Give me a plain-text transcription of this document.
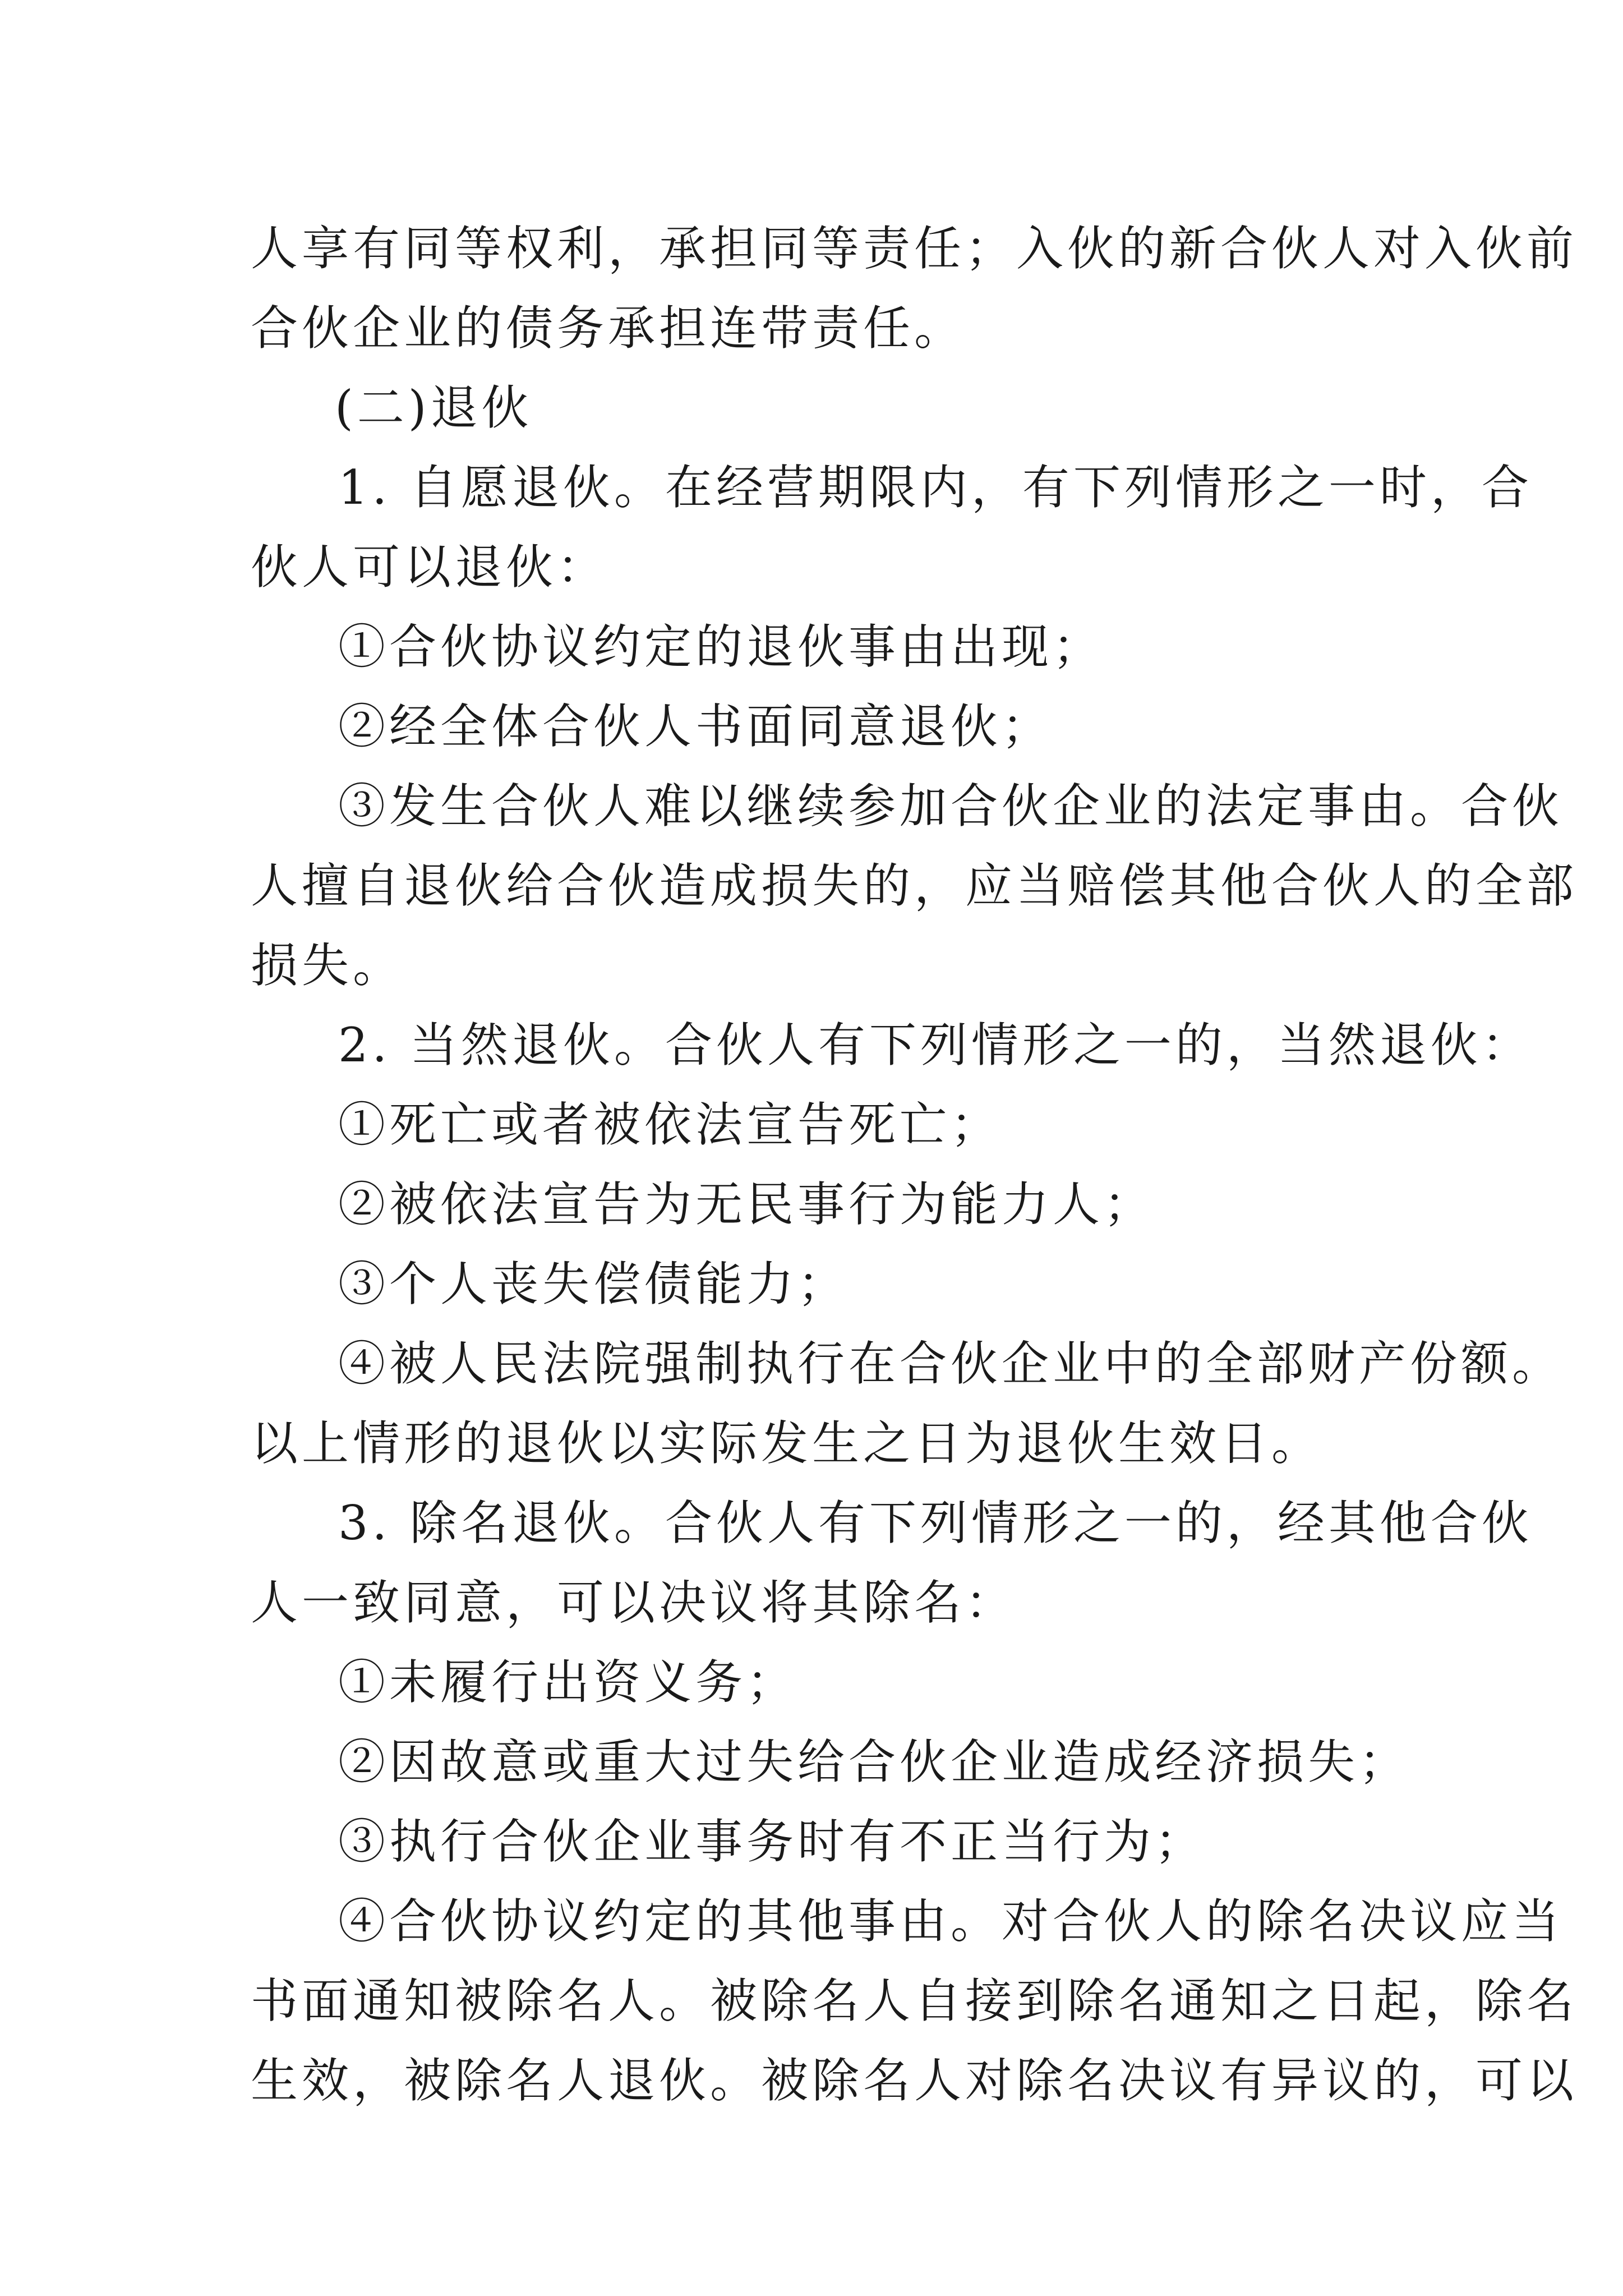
人享有同等权利，承担同等责任；入伙的新合伙人对入伙前
合伙企业的债务承担连带责任。
(二)退伙
1. 自愿退伙。在经营期限内，有下列情形之一时，合
伙人可以退伙：
①合伙协议约定的退伙事由出现；
②经全体合伙人书面同意退伙；
③发生合伙人难以继续参加合伙企业的法定事由。合伙
人擅自退伙给合伙造成损失的，应当赔偿其他合伙人的全部
损失。
2. 当然退伙。合伙人有下列情形之一的，当然退伙：
①死亡或者被依法宣告死亡；
②被依法宣告为无民事行为能力人；
③个人丧失偿债能力；
④被人民法院强制执行在合伙企业中的全部财产份额。
以上情形的退伙以实际发生之日为退伙生效日。
3. 除名退伙。合伙人有下列情形之一的，经其他合伙
人一致同意，可以决议将其除名：
①未履行出资义务；
②因故意或重大过失给合伙企业造成经济损失；
③执行合伙企业事务时有不正当行为；
④合伙协议约定的其他事由。对合伙人的除名决议应当
书面通知被除名人。被除名人自接到除名通知之日起，除名
生效，被除名人退伙。被除名人对除名决议有异议的，可以
